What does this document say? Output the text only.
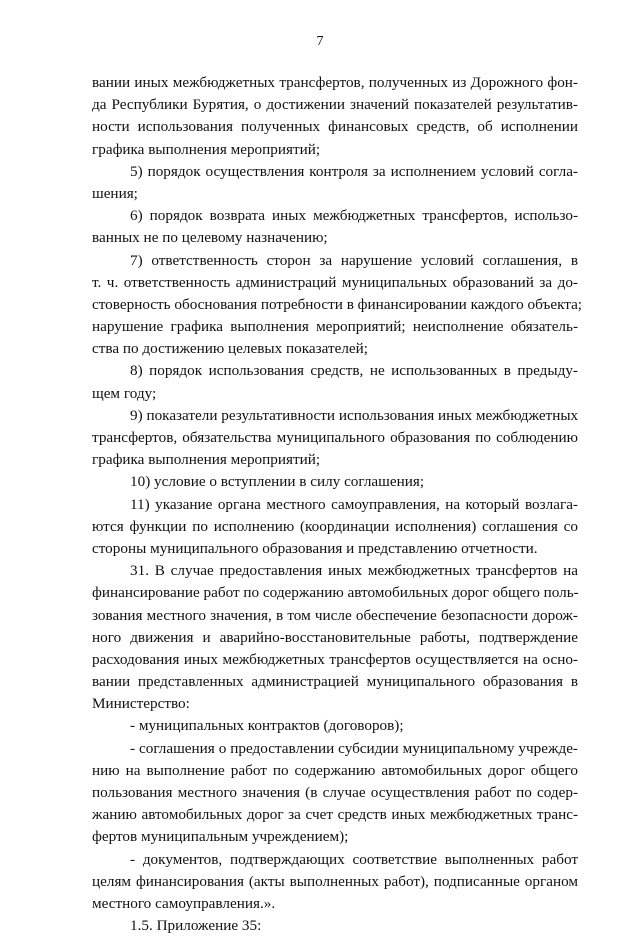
7
вании иных межбюджетных трансфертов, полученных из Дорожного фон-
да Республики Бурятия, о достижении значений показателей результатив-
ности использования полученных финансовых средств, об исполнении
графика выполнения мероприятий;
5) порядок осуществления контроля за исполнением условий согла-
шения;
6) порядок возврата иных межбюджетных трансфертов, использо-
ванных не по целевому назначению;
7) ответственность сторон за нарушение условий соглашения, в
т. ч. ответственность администраций муниципальных образований за до-
стоверность обоснования потребности в финансировании каждого объекта;
нарушение графика выполнения мероприятий; неисполнение обязатель-
ства по достижению целевых показателей;
8) порядок использования средств, не использованных в предыду-
щем году;
9) показатели результативности использования иных межбюджетных
трансфертов, обязательства муниципального образования по соблюдению
графика выполнения мероприятий;
10) условие о вступлении в силу соглашения;
11) указание органа местного самоуправления, на который возлага-
ются функции по исполнению (координации исполнения) соглашения со
стороны муниципального образования и представлению отчетности.
31. В случае предоставления иных межбюджетных трансфертов на
финансирование работ по содержанию автомобильных дорог общего поль-
зования местного значения, в том числе обеспечение безопасности дорож-
ного движения и аварийно-восстановительные работы, подтверждение
расходования иных межбюджетных трансфертов осуществляется на осно-
вании представленных администрацией муниципального образования в
Министерство:
- муниципальных контрактов (договоров);
- соглашения о предоставлении субсидии муниципальному учрежде-
нию на выполнение работ по содержанию автомобильных дорог общего
пользования местного значения (в случае осуществления работ по содер-
жанию автомобильных дорог за счет средств иных межбюджетных транс-
фертов муниципальным учреждением);
- документов, подтверждающих соответствие выполненных работ
целям финансирования (акты выполненных работ), подписанные органом
местного самоуправления.».
1.5. Приложение 35:
